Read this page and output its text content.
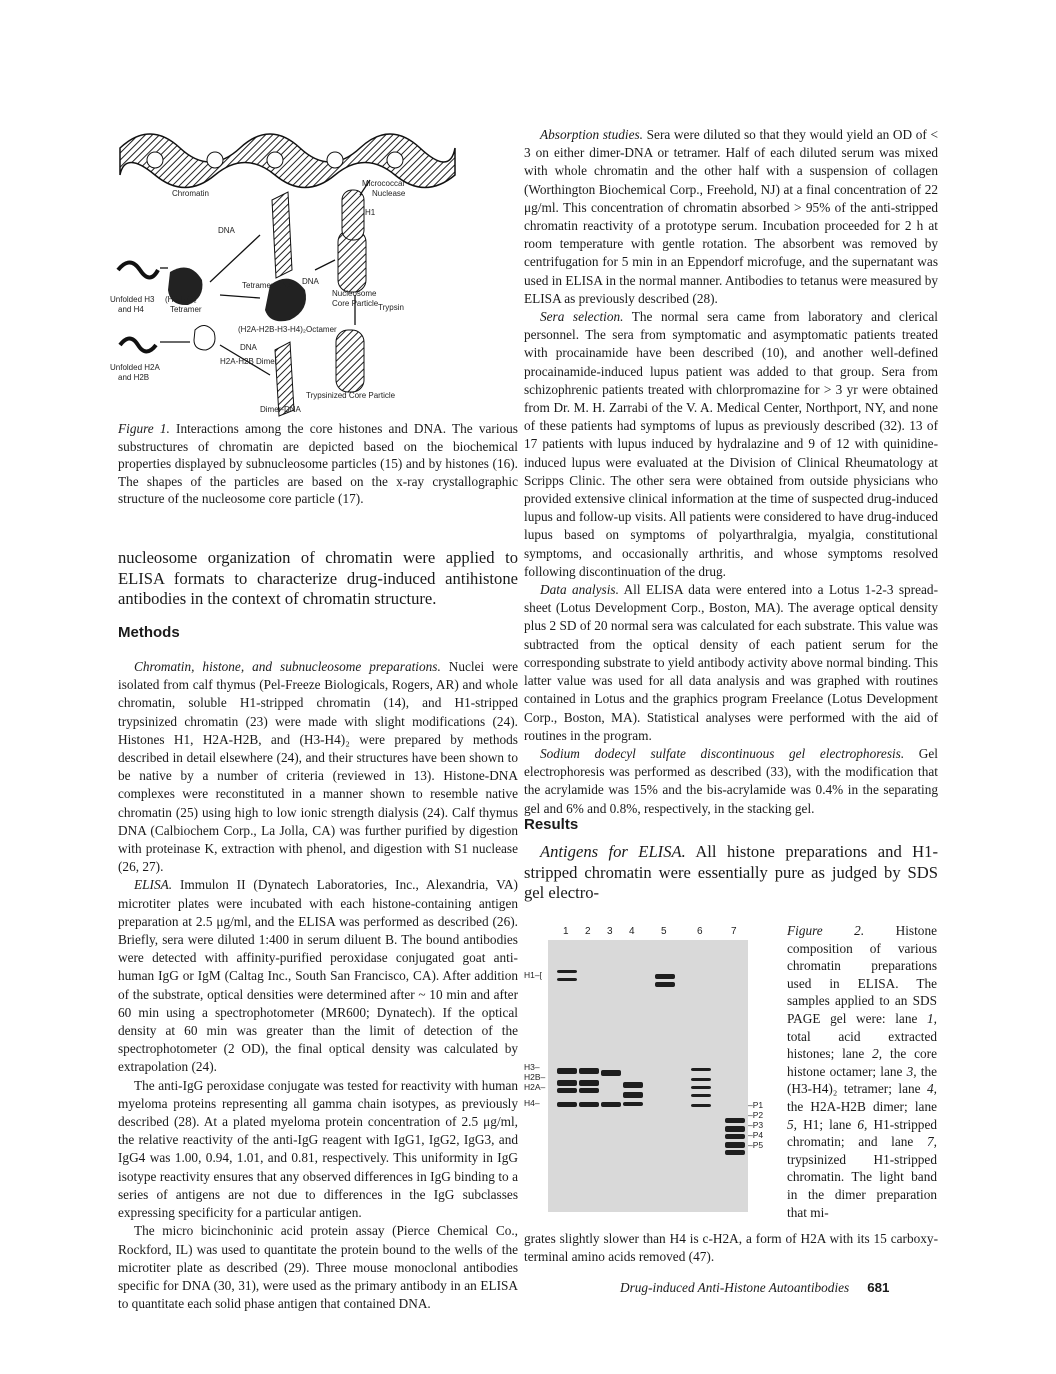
Chromatin
Micrococcal
Nuclease
H1
DNA
Tetramer-DNA DNA
Nucleosome
Core Particle Trypsin
Unfolded H3
and H4
(H3-H4)₂
Tetramer
(H2A-H2B-H3-H4)₂Octamer
DNA
H2A-H2B Dimer
Unfolded H2A
and H2B
Trypsinized Core Particle
Dimer-DNA
Figure 1. Interactions among the core histones and DNA. The various substructures of chromatin are depicted based on the biochemical properties displayed by subnucleosome particles (15) and by histones (16). The shapes of the particles are based on the x-ray crystallographic structure of the nucleosome core particle (17).

nucleosome organization of chromatin were applied to ELISA formats to characterize drug-induced antihistone antibodies in the context of chromatin structure.

Methods

Chromatin, histone, and subnucleosome preparations. Nuclei were isolated from calf thymus (Pel-Freeze Biologicals, Rogers, AR) and whole chromatin, soluble H1-stripped chromatin (14), and H1-stripped trypsinized chromatin (23) were made with slight modifications (24). Histones H1, H2A-H2B, and (H3-H4)₂ were prepared by methods described in detail elsewhere (24), and their structures have been shown to be native by a number of criteria (reviewed in 13). Histone-DNA complexes were reconstituted in a manner shown to resemble native chromatin (25) using high to low ionic strength dialysis (24). Calf thymus DNA (Calbiochem Corp., La Jolla, CA) was further purified by digestion with proteinase K, extraction with phenol, and digestion with S1 nuclease (26, 27).

ELISA. Immulon II (Dynatech Laboratories, Inc., Alexandria, VA) microtiter plates were incubated with each histone-containing antigen preparation at 2.5 μg/ml, and the ELISA was performed as described (26). Briefly, sera were diluted 1:400 in serum diluent B. The bound antibodies were detected with affinity-purified peroxidase conjugated goat anti-human IgG or IgM (Caltag Inc., South San Francisco, CA). After addition of the substrate, optical densities were determined after ~ 10 min and after 60 min using a spectrophotometer (MR600; Dynatech). If the optical density at 60 min was greater than the limit of detection of the spectrophotometer (2 OD), the final optical density was calculated by extrapolation (24).

The anti-IgG peroxidase conjugate was tested for reactivity with human myeloma proteins representing all gamma chain isotypes, as previously described (28). At a plated myeloma protein concentration of 2.5 μg/ml, the relative reactivity of the anti-IgG reagent with IgG1, IgG2, IgG3, and IgG4 was 1.00, 0.94, 1.01, and 0.81, respectively. This uniformity in IgG isotype reactivity ensures that any observed differences in IgG binding to a series of antigens are not due to differences in the IgG subclasses expressing specificity for a particular antigen.

The micro bicinchoninic acid protein assay (Pierce Chemical Co., Rockford, IL) was used to quantitate the protein bound to the wells of the microtiter plate as described (29). Three mouse monoclonal antibodies specific for DNA (30, 31), were used as the primary antibody in an ELISA to quantitate each solid phase antigen that contained DNA.

Absorption studies. Sera were diluted so that they would yield an OD of < 3 on either dimer-DNA or tetramer. Half of each diluted serum was mixed with whole chromatin and the other half with a suspension of collagen (Worthington Biochemical Corp., Freehold, NJ) at a final concentration of 22 μg/ml. This concentration of chromatin absorbed > 95% of the anti-stripped chromatin reactivity of a prototype serum. Incubation proceeded for 2 h at room temperature with gentle rotation. The absorbent was removed by centrifugation for 5 min in an Eppendorf microfuge, and the supernatant was used in ELISA in the normal manner. Antibodies to tetanus were measured by ELISA as previously described (28).

Sera selection. The normal sera came from laboratory and clerical personnel. The sera from symptomatic and asymptomatic patients treated with procainamide have been described (10), and another well-defined procainamide-induced lupus patient was added to that group. Sera from schizophrenic patients treated with chlorpromazine for > 3 yr were obtained from Dr. M. H. Zarrabi of the V. A. Medical Center, Northport, NY, and none of these patients had symptoms of lupus as previously described (32). 13 of 17 patients with lupus induced by hydralazine and 9 of 12 with quinidine-induced lupus were evaluated at the Division of Clinical Rheumatology at Scripps Clinic. The other sera were obtained from outside physicians who provided extensive clinical information at the time of suspected drug-induced lupus and follow-up visits. All patients were considered to have drug-induced lupus based on symptoms of polyarthralgia, myalgia, constitutional symptoms, and occasionally arthritis, and whose symptoms resolved following discontinuation of the drug.

Data analysis. All ELISA data were entered into a Lotus 1-2-3 spread-sheet (Lotus Development Corp., Boston, MA). The average optical density plus 2 SD of 20 normal sera was calculated for each substrate. This value was subtracted from the optical density of each patient serum for the corresponding substrate to yield antibody activity above normal binding. This latter value was used for all data analysis and was graphed with routines contained in Lotus and the graphics program Freelance (Lotus Development Corp., Boston, MA). Statistical analyses were performed with the aid of routines in the program.

Sodium dodecyl sulfate discontinuous gel electrophoresis. Gel electrophoresis was performed as described (33), with the modification that the acrylamide was 15% and the bis-acrylamide was 0.4% in the separating gel and 6% and 0.8%, respectively, in the stacking gel.

Results

Antigens for ELISA. All histone preparations and H1-stripped chromatin were essentially pure as judged by SDS gel electro-

1 2 3 4	5	6	7
H1–[
H3–
H2B–
H2A–
H4–	–P1
–P2
–P3
–P4
–P5
Figure 2. Histone composition of various chromatin preparations used in ELISA. The samples applied to an SDS PAGE gel were: lane 1, total acid extracted histones; lane 2, the core histone octamer; lane 3, the (H3-H4)₂ tetramer; lane 4, the H2A-H2B dimer; lane 5, H1; lane 6, H1-stripped chromatin; and lane 7, trypsinized H1-stripped chromatin. The light band in the dimer preparation that mi-
grates slightly slower than H4 is c-H2A, a form of H2A with its 15 carboxy-terminal amino acids removed (47).
Drug-induced Anti-Histone Autoantibodies 681
